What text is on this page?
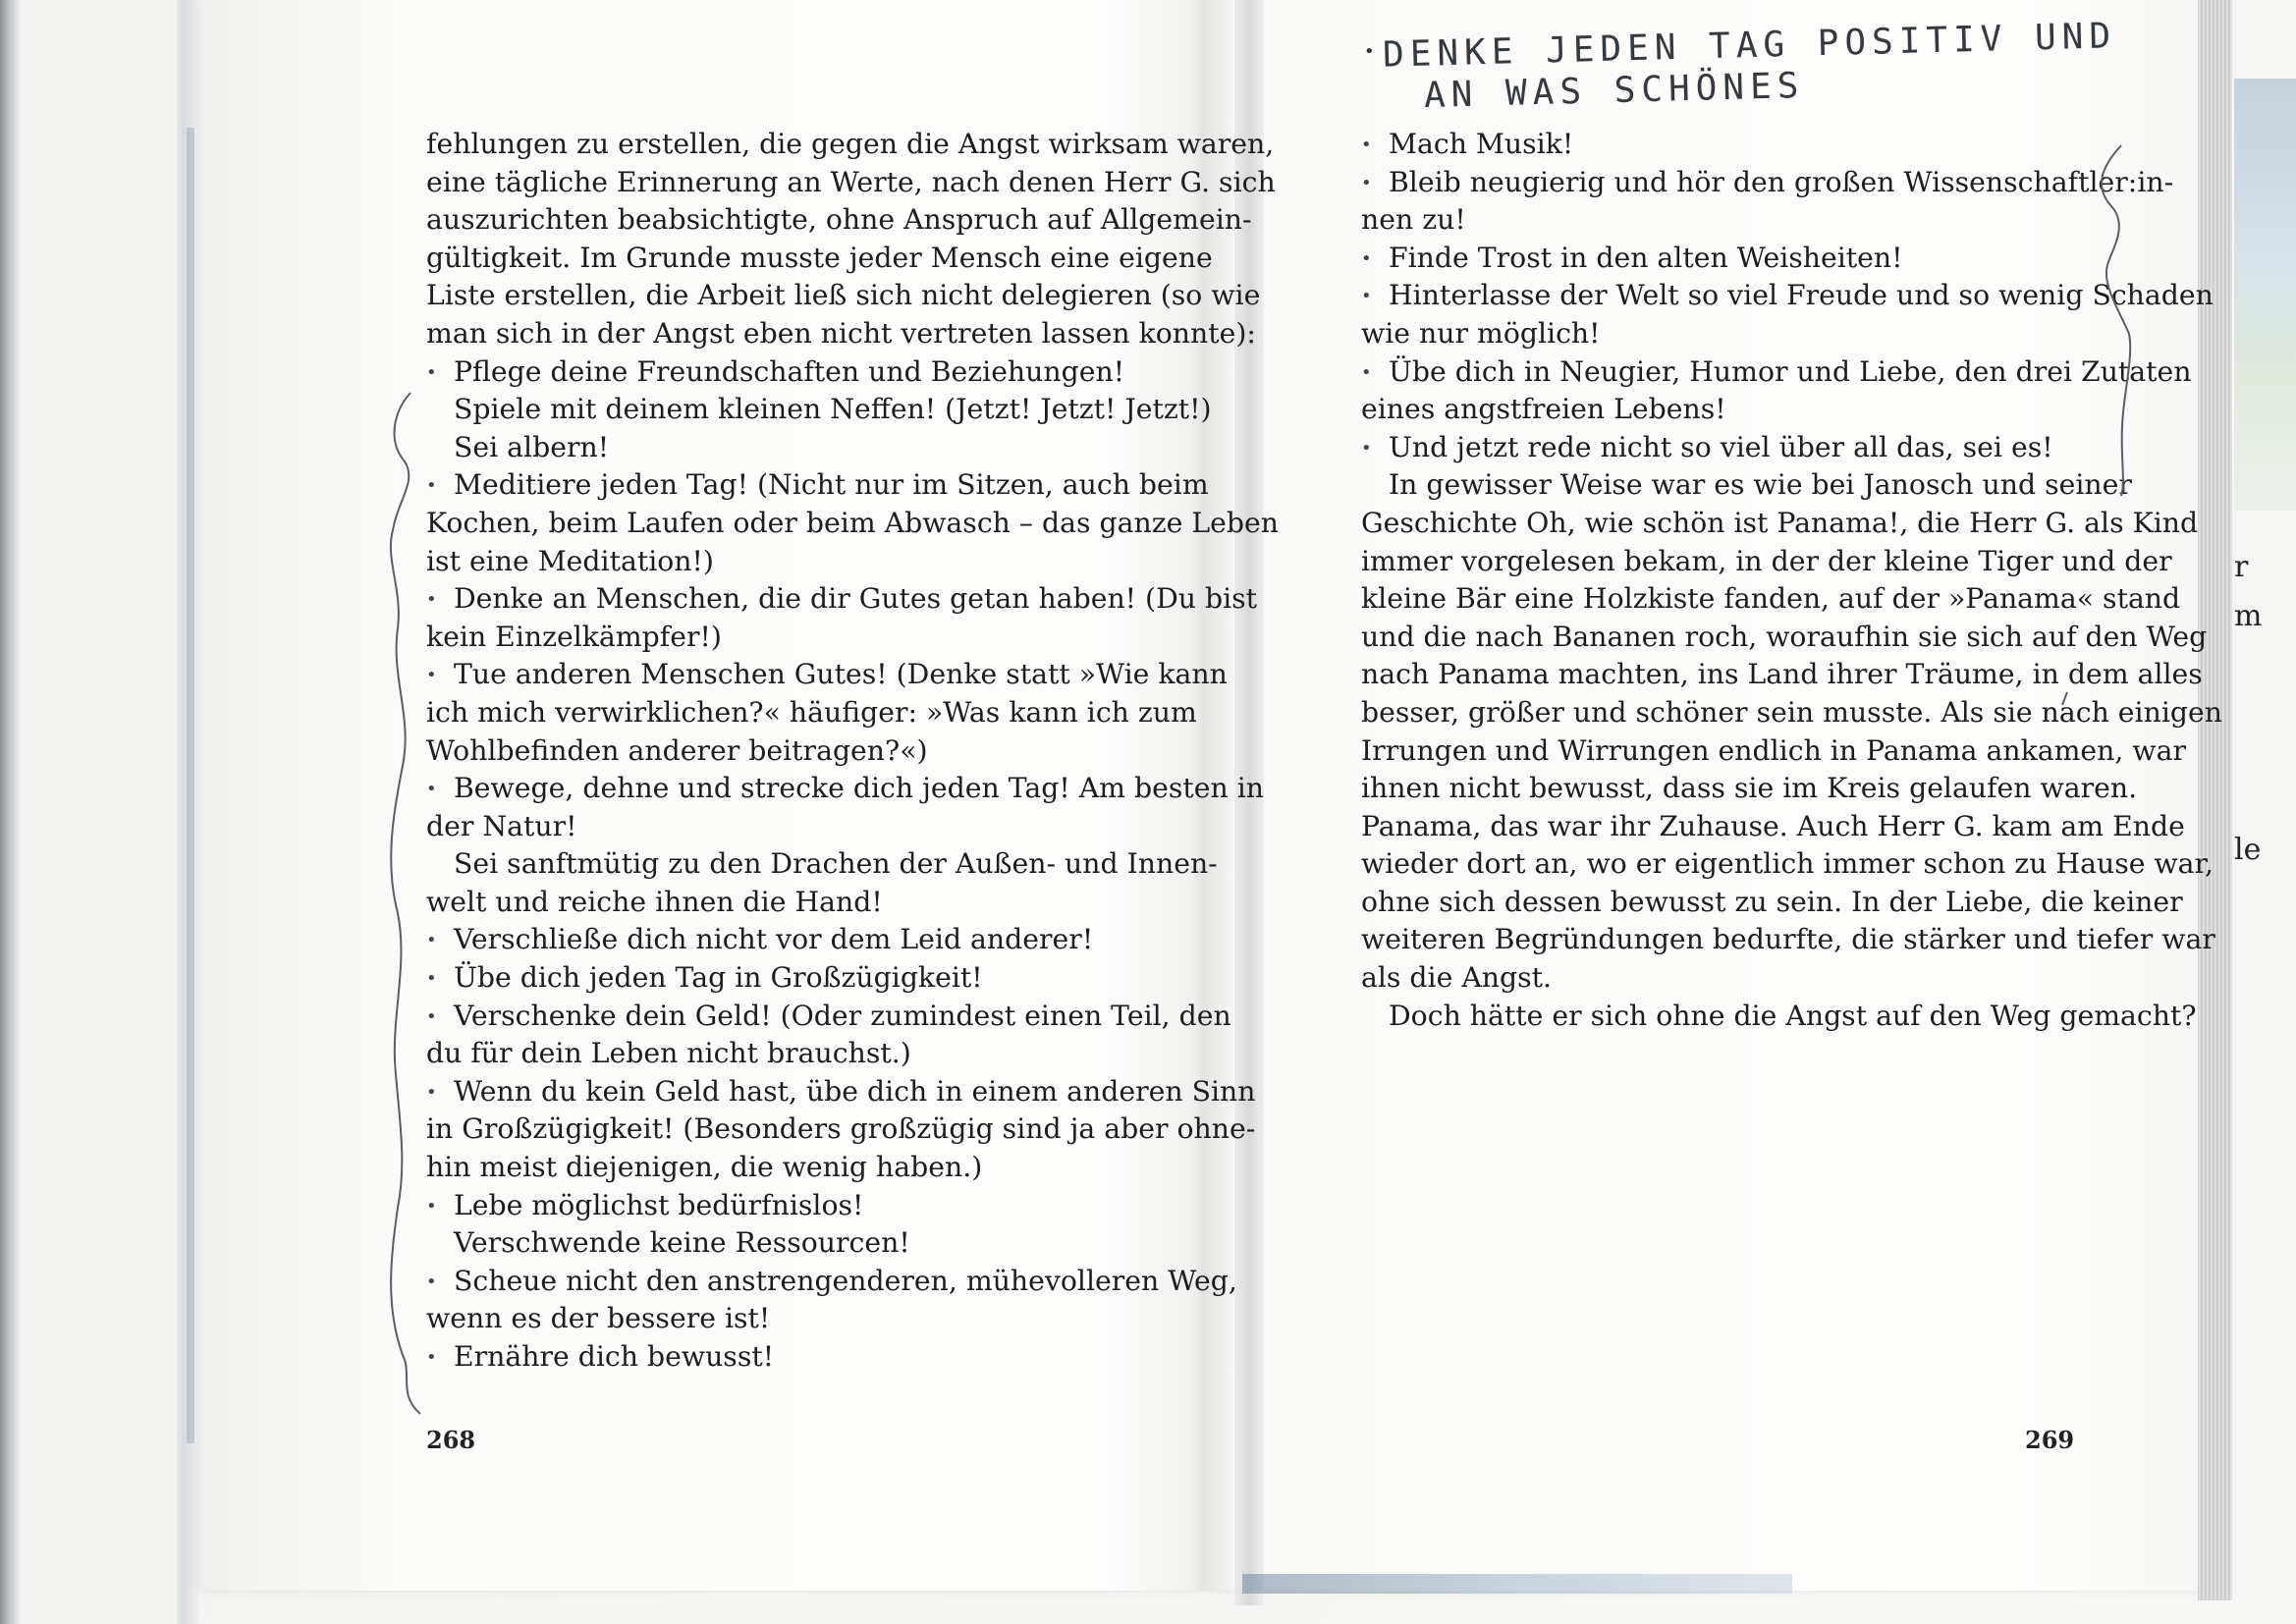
r
m
le
fehlungen zu erstellen, die gegen die Angst wirksam waren,
eine tägliche Erinnerung an Werte, nach denen Herr G. sich
auszurichten beabsichtigte, ohne Anspruch auf Allgemein-
gültigkeit. Im Grunde musste jeder Mensch eine eigene
Liste erstellen, die Arbeit ließ sich nicht delegieren (so wie
man sich in der Angst eben nicht vertreten lassen konnte):
• Pflege deine Freundschaften und Beziehungen!
Spiele mit deinem kleinen Neffen! (Jetzt! Jetzt! Jetzt!)
Sei albern!
• Meditiere jeden Tag! (Nicht nur im Sitzen, auch beim
Kochen, beim Laufen oder beim Abwasch – das ganze Leben
ist eine Meditation!)
• Denke an Menschen, die dir Gutes getan haben! (Du bist
kein Einzelkämpfer!)
• Tue anderen Menschen Gutes! (Denke statt »Wie kann
ich mich verwirklichen?« häufiger: »Was kann ich zum
Wohlbefinden anderer beitragen?«)
• Bewege, dehne und strecke dich jeden Tag! Am besten in
der Natur!
Sei sanftmütig zu den Drachen der Außen- und Innen-
welt und reiche ihnen die Hand!
• Verschließe dich nicht vor dem Leid anderer!
• Übe dich jeden Tag in Großzügigkeit!
• Verschenke dein Geld! (Oder zumindest einen Teil, den
du für dein Leben nicht brauchst.)
• Wenn du kein Geld hast, übe dich in einem anderen Sinn
in Großzügigkeit! (Besonders großzügig sind ja aber ohne-
hin meist diejenigen, die wenig haben.)
• Lebe möglichst bedürfnislos!
Verschwende keine Ressourcen!
• Scheue nicht den anstrengenderen, mühevolleren Weg,
wenn es der bessere ist!
• Ernähre dich bewusst!
268
• DENKE JEDEN TAG POSITIV UND
AN WAS SCHÖNES
• Mach Musik!
• Bleib neugierig und hör den großen Wissenschaftler:in-
nen zu!
• Finde Trost in den alten Weisheiten!
• Hinterlasse der Welt so viel Freude und so wenig Schaden
wie nur möglich!
• Übe dich in Neugier, Humor und Liebe, den drei Zutaten
eines angstfreien Lebens!
• Und jetzt rede nicht so viel über all das, sei es!
In gewisser Weise war es wie bei Janosch und seiner
Geschichte Oh, wie schön ist Panama!, die Herr G. als Kind
immer vorgelesen bekam, in der der kleine Tiger und der
kleine Bär eine Holzkiste fanden, auf der »Panama« stand
und die nach Bananen roch, woraufhin sie sich auf den Weg
nach Panama machten, ins Land ihrer Träume, in dem alles
besser, größer und schöner sein musste. Als sie nach einigen
Irrungen und Wirrungen endlich in Panama ankamen, war
ihnen nicht bewusst, dass sie im Kreis gelaufen waren.
Panama, das war ihr Zuhause. Auch Herr G. kam am Ende
wieder dort an, wo er eigentlich immer schon zu Hause war,
ohne sich dessen bewusst zu sein. In der Liebe, die keiner
weiteren Begründungen bedurfte, die stärker und tiefer war
als die Angst.
Doch hätte er sich ohne die Angst auf den Weg gemacht?
269
